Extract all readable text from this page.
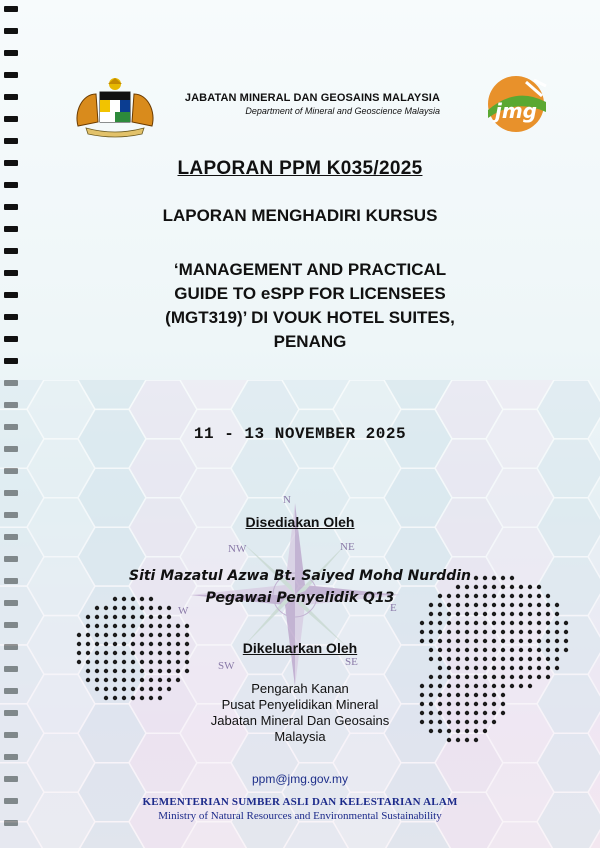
N
NW	NE
W	E
SW	SE
jmg
JABATAN MINERAL DAN GEOSAINS MALAYSIA
Department of Mineral and Geoscience Malaysia
LAPORAN PPM K035/2025
LAPORAN MENGHADIRI KURSUS
‘MANAGEMENT AND PRACTICAL
GUIDE TO eSPP FOR LICENSEES
(MGT319)’ DI VOUK HOTEL SUITES,
PENANG
11 - 13 NOVEMBER 2025
Disediakan Oleh
Siti Mazatul Azwa Bt. Saiyed Mohd Nurddin
Pegawai Penyelidik Q13
Dikeluarkan Oleh
Pengarah Kanan
Pusat Penyelidikan Mineral
Jabatan Mineral Dan Geosains
Malaysia
ppm@jmg.gov.my
KEMENTERIAN SUMBER ASLI DAN KELESTARIAN ALAM
Ministry of Natural Resources and Environmental Sustainability
